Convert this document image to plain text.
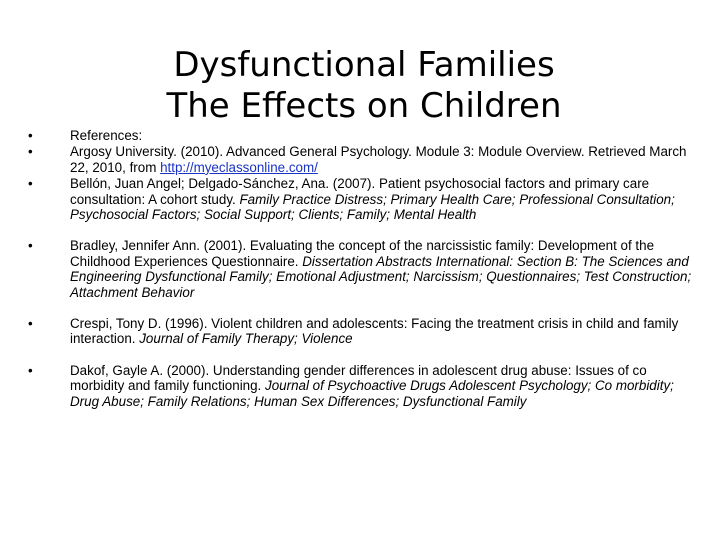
Dysfunctional Families
The Effects on Children
•	References:
•	Argosy University. (2010). Advanced General Psychology. Module 3: Module Overview. Retrieved March 22, 2010, from http://myeclassonline.com/
•	Bellón, Juan Angel; Delgado-Sánchez, Ana. (2007). Patient psychosocial factors and primary care consultation: A cohort study. Family Practice Distress; Primary Health Care; Professional Consultation; Psychosocial Factors; Social Support; Clients; Family; Mental Health
•	Bradley, Jennifer Ann. (2001). Evaluating the concept of the narcissistic family: Development of the Childhood Experiences Questionnaire. Dissertation Abstracts International: Section B: The Sciences and Engineering Dysfunctional Family; Emotional Adjustment; Narcissism; Questionnaires; Test Construction; Attachment Behavior
•	Crespi, Tony D. (1996). Violent children and adolescents: Facing the treatment crisis in child and family interaction. Journal of Family Therapy; Violence
•	Dakof, Gayle A. (2000). Understanding gender differences in adolescent drug abuse: Issues of co morbidity and family functioning. Journal of Psychoactive Drugs Adolescent Psychology; Co morbidity; Drug Abuse; Family Relations; Human Sex Differences; Dysfunctional Family
